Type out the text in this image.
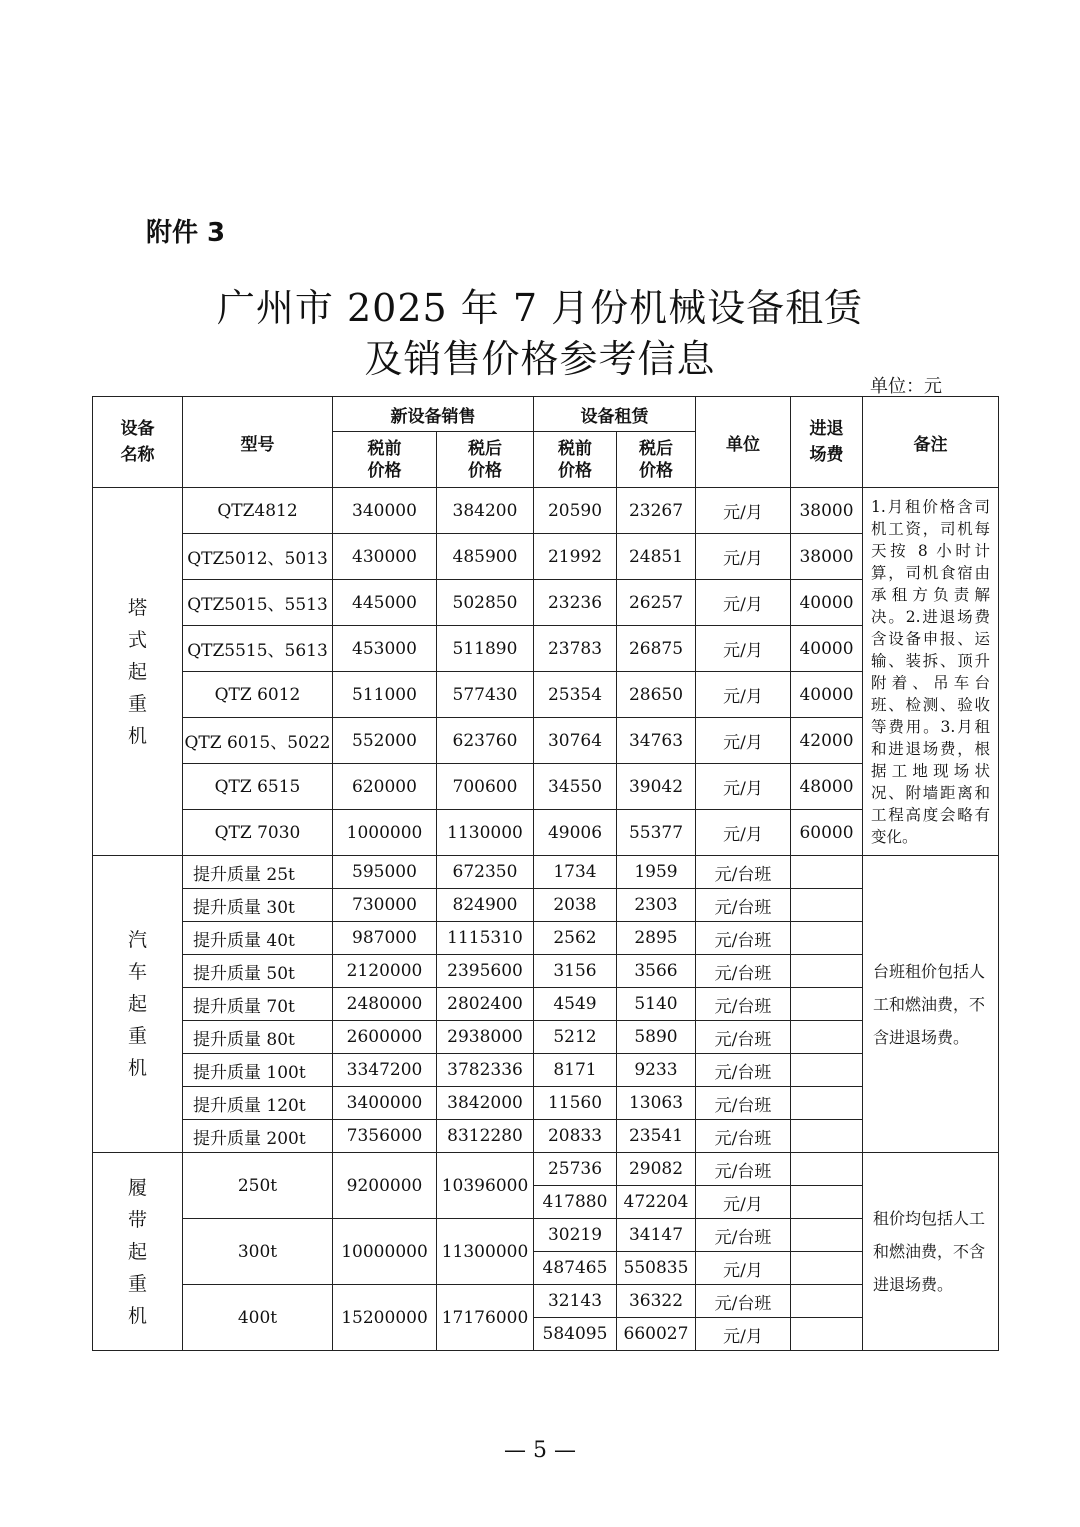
附件 3
广州市 2025 年 7 月份机械设备租赁
及销售价格参考信息
单位：元
设备名称	型号	新设备销售		设备租赁		单位	进退场费	备注

		税前价格	税后价格	税前价格	税后价格			

塔
式
起
重
机	QTZ4812	340000	384200	20590	23267	元/月	38000	1.月租价格含司机工资，司机每天按 8 小时计算，司机食宿由承租方负责解决。2.进退场费含设备申报、运输、装拆、顶升附着、吊车台班、检测、验收等费用。3.月租和进退场费，根据工地现场状况、附墙距离和工程高度会略有变化。
	QTZ5012、5013	430000	485900	21992	24851	元/月	38000	
	QTZ5015、5513	445000	502850	23236	26257	元/月	40000	
	QTZ5515、5613	453000	511890	23783	26875	元/月	40000	
	QTZ 6012	511000	577430	25354	28650	元/月	40000	
	QTZ 6015、5022	552000	623760	30764	34763	元/月	42000	
	QTZ 6515	620000	700600	34550	39042	元/月	48000	
	QTZ 7030	1000000	1130000	49006	55377	元/月	60000	

汽
车
起
重
机	提升质量 25t	595000	672350	1734	1959	元/台班		台班租价包括人工和燃油费，不含进退场费。
	提升质量 30t	730000	824900	2038	2303	元/台班		
	提升质量 40t	987000	1115310	2562	2895	元/台班		
	提升质量 50t	2120000	2395600	3156	3566	元/台班		
	提升质量 70t	2480000	2802400	4549	5140	元/台班		
	提升质量 80t	2600000	2938000	5212	5890	元/台班		
	提升质量 100t	3347200	3782336	8171	9233	元/台班		
	提升质量 120t	3400000	3842000	11560	13063	元/台班		
	提升质量 200t	7356000	8312280	20833	23541	元/台班		

履
带
起
重
机	250t	9200000	10396000	25736	29082	元/台班		租价均包括人工和燃油费，不含进退场费。
				417880	472204	元/月		
	300t	10000000	11300000	30219	34147	元/台班		
				487465	550835	元/月		
	400t	15200000	17176000	32143	36322	元/台班		
				584095	660027	元/月		
— 5 —
